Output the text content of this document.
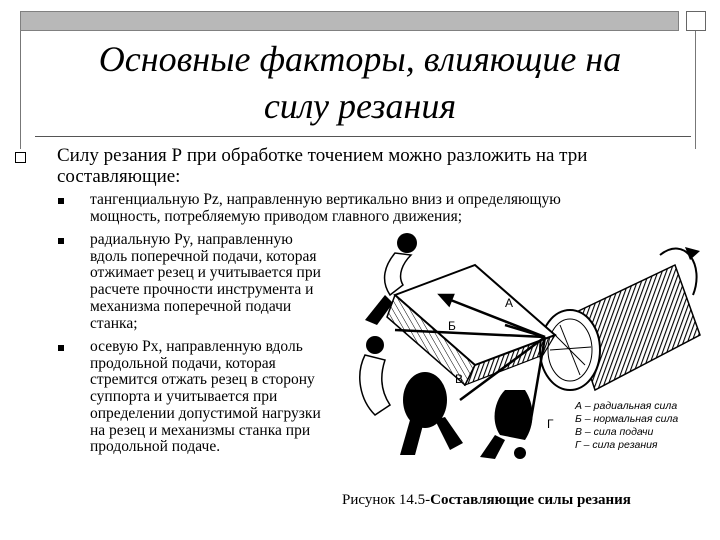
Основные факторы, влияющие на
силу резания
Силу резания Р при обработке точением можно разложить на три
составляющие:
тангенциальную Pz, направленную вертикально вниз и определяющую
мощность, потребляемую приводом главного движения;
радиальную Py, направленную
вдоль поперечной подачи, которая
отжимает резец и учитывается при
расчете прочности инструмента и
механизма поперечной подачи
станка;
осевую Px, направленную вдоль
продольной подачи, которая
стремится отжать резец в сторону
суппорта и учитывается при
определении допустимой нагрузки
на резец и механизмы станка при
продольной подаче.
А
Б
В
Г
А – радиальная сила
Б – нормальная сила
В – сила подачи
Г – сила резания
Рисунок 14.5-Составляющие силы резания
